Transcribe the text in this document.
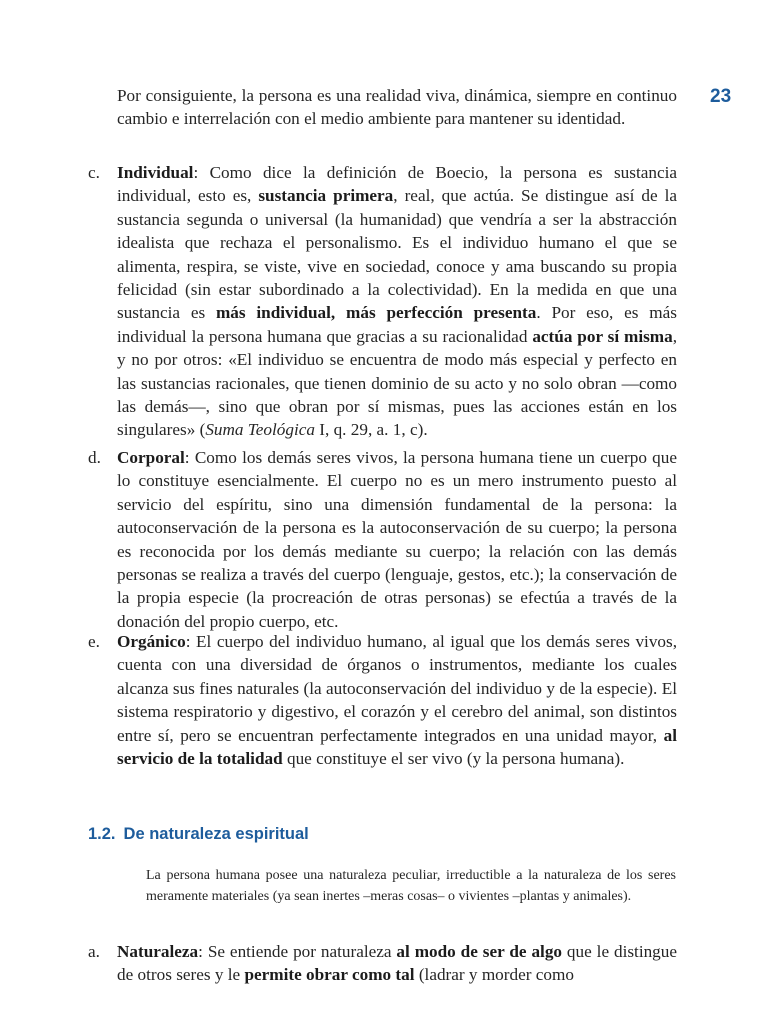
23

Por consiguiente, la persona es una realidad viva, dinámica, siempre en continuo cambio e interrelación con el medio ambiente para mantener su identidad.

c. Individual: Como dice la definición de Boecio, la persona es sustancia individual, esto es, sustancia primera, real, que actúa. Se distingue así de la sustancia segunda o universal (la humanidad) que vendría a ser la abstracción idealista que rechaza el personalismo. Es el individuo humano el que se alimenta, respira, se viste, vive en sociedad, conoce y ama buscando su propia felicidad (sin estar subordinado a la colectividad). En la medida en que una sustancia es más individual, más perfección presenta. Por eso, es más individual la persona humana que gracias a su racionalidad actúa por sí misma, y no por otros: «El individuo se encuentra de modo más especial y perfecto en las sustancias racionales, que tienen dominio de su acto y no solo obran —como las demás—, sino que obran por sí mismas, pues las acciones están en los singulares» (Suma Teológica I, q. 29, a. 1, c).
d. Corporal: Como los demás seres vivos, la persona humana tiene un cuerpo que lo constituye esencialmente. El cuerpo no es un mero instrumento puesto al servicio del espíritu, sino una dimensión fundamental de la persona: la autoconservación de la persona es la autoconservación de su cuerpo; la persona es reconocida por los demás mediante su cuerpo; la relación con las demás personas se realiza a través del cuerpo (lenguaje, gestos, etc.); la conservación de la propia especie (la procreación de otras personas) se efectúa a través de la donación del propio cuerpo, etc.
e. Orgánico: El cuerpo del individuo humano, al igual que los demás seres vivos, cuenta con una diversidad de órganos o instrumentos, mediante los cuales alcanza sus fines naturales (la autoconservación del individuo y de la especie). El sistema respiratorio y digestivo, el corazón y el cerebro del animal, son distintos entre sí, pero se encuentran perfectamente integrados en una unidad mayor, al servicio de la totalidad que constituye el ser vivo (y la persona humana).
1.2. De naturaleza espiritual

La persona humana posee una naturaleza peculiar, irreductible a la naturaleza de los seres meramente materiales (ya sean inertes –meras cosas– o vivientes –plantas y animales).

a. Naturaleza: Se entiende por naturaleza al modo de ser de algo que le distingue de otros seres y le permite obrar como tal (ladrar y morder como
